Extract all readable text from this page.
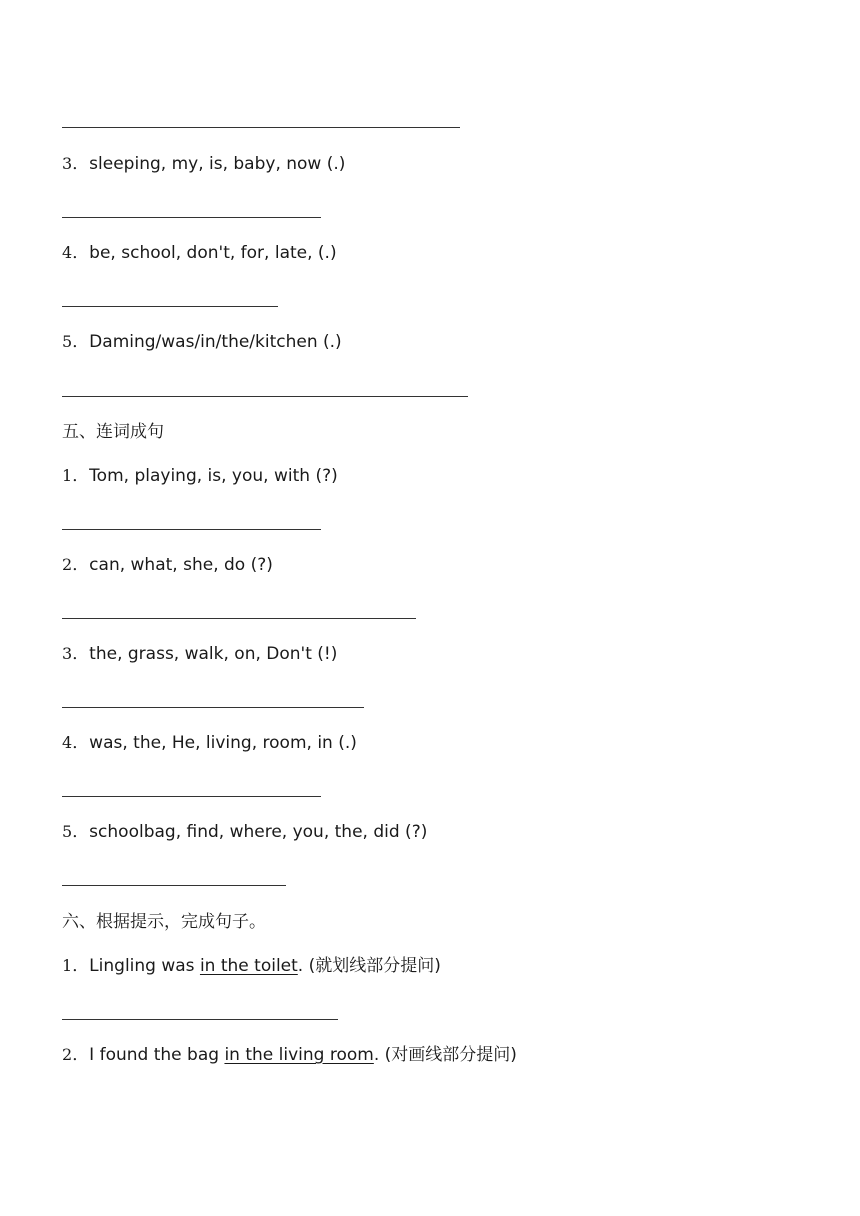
3．sleeping, my, is, baby, now (.)
4．be, school, don't, for, late, (.)
5．Daming/was/in/the/kitchen (.)
五、连词成句
1．Tom, playing, is, you, with (?)
2．can, what, she, do (?)
3．the, grass, walk, on, Don't (!)
4．was, the, He, living, room, in (.)
5．schoolbag, find, where, you, the, did (?)
六、根据提示，完成句子。
1．Lingling was in the toilet. (就划线部分提问)
2．I found the bag in the living room. (对画线部分提问)
